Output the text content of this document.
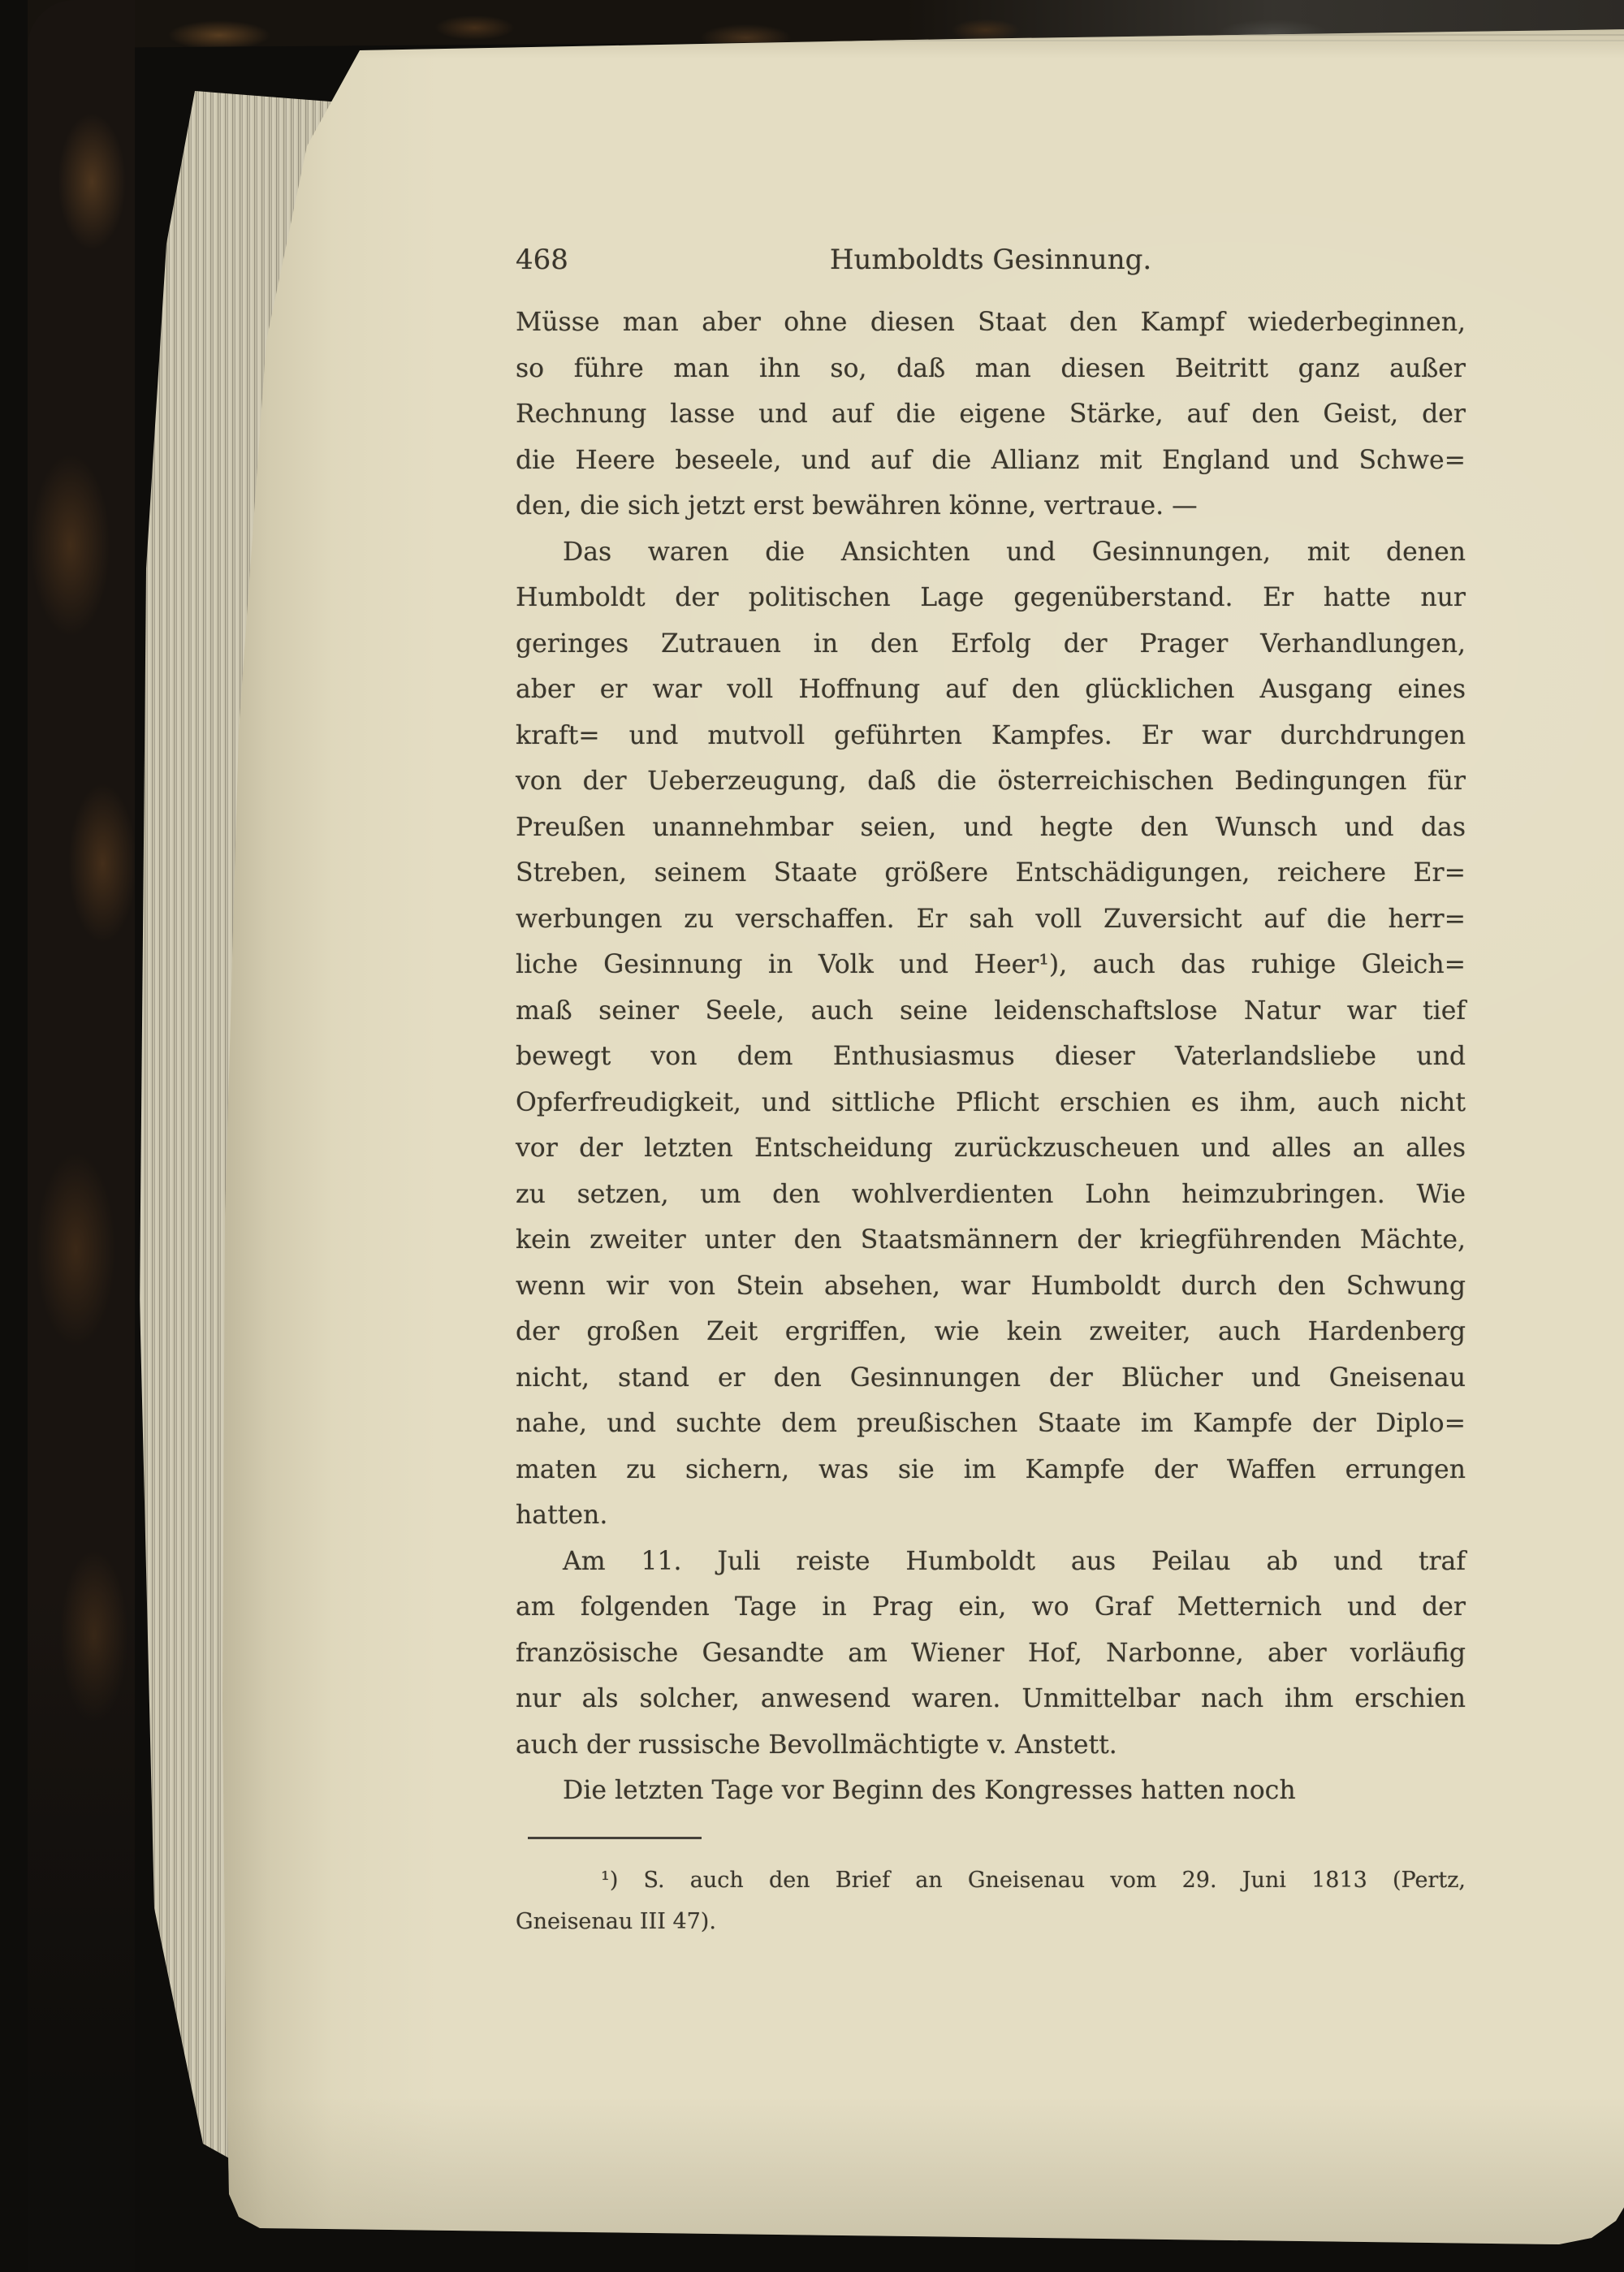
468	Humboldts Gesinnung.
Müsse man aber ohne diesen Staat den Kampf wiederbeginnen,
so führe man ihn so, daß man diesen Beitritt ganz außer
Rechnung lasse und auf die eigene Stärke, auf den Geist, der
die Heere beseele, und auf die Allianz mit England und Schwe=
den, die sich jetzt erst bewähren könne, vertraue. —
Das waren die Ansichten und Gesinnungen, mit denen
Humboldt der politischen Lage gegenüberstand. Er hatte nur
geringes Zutrauen in den Erfolg der Prager Verhandlungen,
aber er war voll Hoffnung auf den glücklichen Ausgang eines
kraft= und mutvoll geführten Kampfes. Er war durchdrungen
von der Ueberzeugung, daß die österreichischen Bedingungen für
Preußen unannehmbar seien, und hegte den Wunsch und das
Streben, seinem Staate größere Entschädigungen, reichere Er=
werbungen zu verschaffen. Er sah voll Zuversicht auf die herr=
liche Gesinnung in Volk und Heer¹), auch das ruhige Gleich=
maß seiner Seele, auch seine leidenschaftslose Natur war tief
bewegt von dem Enthusiasmus dieser Vaterlandsliebe und
Opferfreudigkeit, und sittliche Pflicht erschien es ihm, auch nicht
vor der letzten Entscheidung zurückzuscheuen und alles an alles
zu setzen, um den wohlverdienten Lohn heimzubringen. Wie
kein zweiter unter den Staatsmännern der kriegführenden Mächte,
wenn wir von Stein absehen, war Humboldt durch den Schwung
der großen Zeit ergriffen, wie kein zweiter, auch Hardenberg
nicht, stand er den Gesinnungen der Blücher und Gneisenau
nahe, und suchte dem preußischen Staate im Kampfe der Diplo=
maten zu sichern, was sie im Kampfe der Waffen errungen
hatten.
Am 11. Juli reiste Humboldt aus Peilau ab und traf
am folgenden Tage in Prag ein, wo Graf Metternich und der
französische Gesandte am Wiener Hof, Narbonne, aber vorläufig
nur als solcher, anwesend waren. Unmittelbar nach ihm erschien
auch der russische Bevollmächtigte v. Anstett.
Die letzten Tage vor Beginn des Kongresses hatten noch
¹) S. auch den Brief an Gneisenau vom 29. Juni 1813 (Pertz,
Gneisenau III 47).
